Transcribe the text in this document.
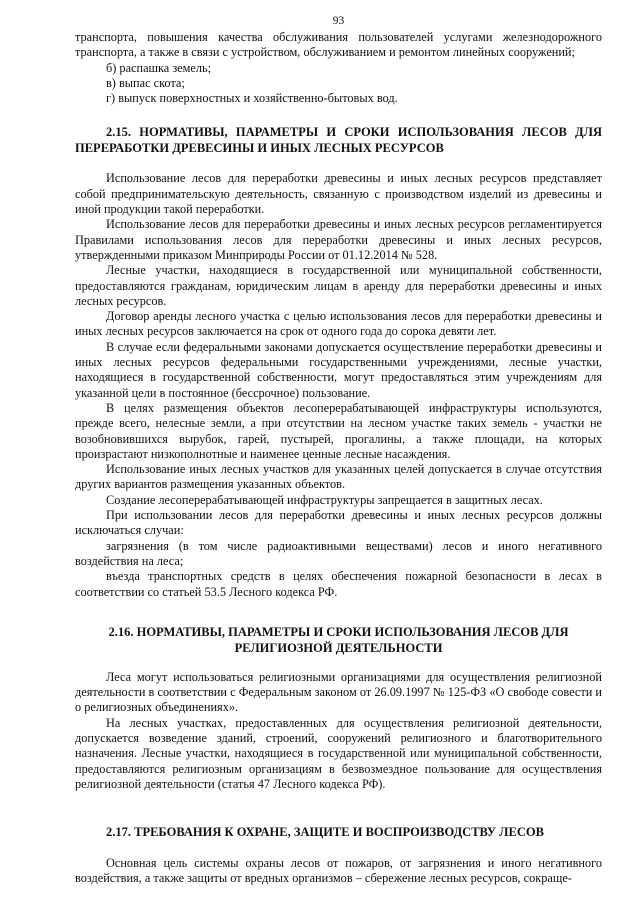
93

транспорта, повышения качества обслуживания пользователей услугами железнодорожного транспорта, а также в связи с устройством, обслуживанием и ремонтом линейных сооружений;

б) распашка земель;

в) выпас скота;

г) выпуск поверхностных и хозяйственно-бытовых вод.

2.15. НОРМАТИВЫ, ПАРАМЕТРЫ И СРОКИ ИСПОЛЬЗОВАНИЯ ЛЕСОВ ДЛЯ ПЕРЕРАБОТКИ ДРЕВЕСИНЫ И ИНЫХ ЛЕСНЫХ РЕСУРСОВ

Использование лесов для переработки древесины и иных лесных ресурсов представляет собой предпринимательскую деятельность, связанную с производством изделий из древесины и иной продукции такой переработки.

Использование лесов для переработки древесины и иных лесных ресурсов регламентируется Правилами использования лесов для переработки древесины и иных лесных ресурсов, утвержденными приказом Минприроды России от 01.12.2014 № 528.

Лесные участки, находящиеся в государственной или муниципальной собственности, предоставляются гражданам, юридическим лицам в аренду для переработки древесины и иных лесных ресурсов.

Договор аренды лесного участка с целью использования лесов для переработки древесины и иных лесных ресурсов заключается на срок от одного года до сорока девяти лет.

В случае если федеральными законами допускается осуществление переработки древесины и иных лесных ресурсов федеральными государственными учреждениями, лесные участки, находящиеся в государственной собственности, могут предоставляться этим учреждениям для указанной цели в постоянное (бессрочное) пользование.

В целях размещения объектов лесоперерабатывающей инфраструктуры используются, прежде всего, нелесные земли, а при отсутствии на лесном участке таких земель - участки не возобновившихся вырубок, гарей, пустырей, прогалины, а также площади, на которых произрастают низкополнотные и наименее ценные лесные насаждения.

Использование иных лесных участков для указанных целей допускается в случае отсутствия других вариантов размещения указанных объектов.

Создание лесоперерабатывающей инфраструктуры запрещается в защитных лесах.

При использовании лесов для переработки древесины и иных лесных ресурсов должны исключаться случаи:

загрязнения (в том числе радиоактивными веществами) лесов и иного негативного воздействия на леса;

въезда транспортных средств в целях обеспечения пожарной безопасности в лесах в соответствии со статьей 53.5 Лесного кодекса РФ.

2.16. НОРМАТИВЫ, ПАРАМЕТРЫ И СРОКИ ИСПОЛЬЗОВАНИЯ ЛЕСОВ ДЛЯ РЕЛИГИОЗНОЙ ДЕЯТЕЛЬНОСТИ

Леса могут использоваться религиозными организациями для осуществления религиозной деятельности в соответствии с Федеральным законом от 26.09.1997 № 125-ФЗ «О свободе совести и о религиозных объединениях».

На лесных участках, предоставленных для осуществления религиозной деятельности, допускается возведение зданий, строений, сооружений религиозного и благотворительного назначения. Лесные участки, находящиеся в государственной или муниципальной собственности, предоставляются религиозным организациям в безвозмездное пользование для осуществления религиозной деятельности (статья 47 Лесного кодекса РФ).

2.17. ТРЕБОВАНИЯ К ОХРАНЕ, ЗАЩИТЕ И ВОСПРОИЗВОДСТВУ ЛЕСОВ

Основная цель системы охраны лесов от пожаров, от загрязнения и иного негативного воздействия, а также защиты от вредных организмов – сбережение лесных ресурсов, сокраще-
